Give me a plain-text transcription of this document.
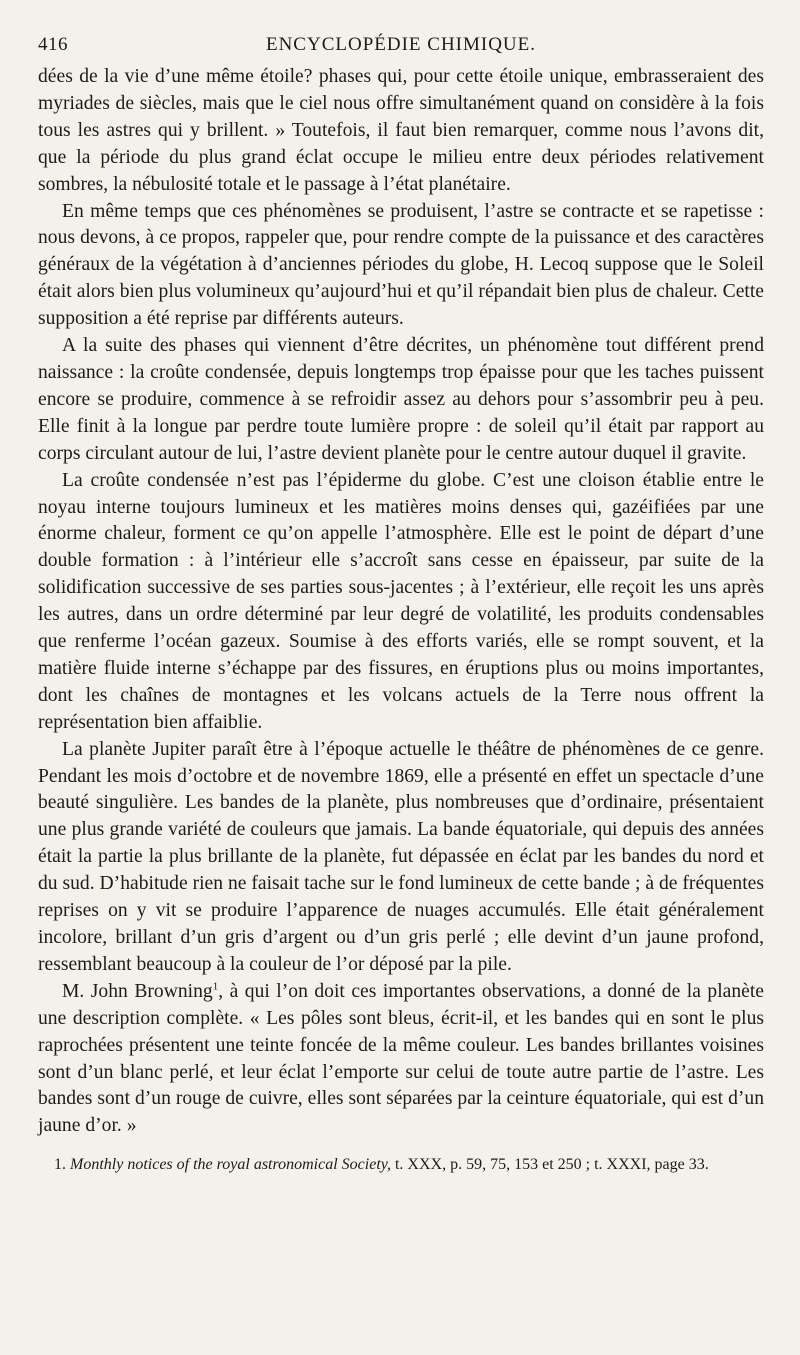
416	ENCYCLOPÉDIE CHIMIQUE.

dées de la vie d’une même étoile? phases qui, pour cette étoile unique, embrasseraient des myriades de siècles, mais que le ciel nous offre simultanément quand on considère à la fois tous les astres qui y brillent. » Toutefois, il faut bien remarquer, comme nous l’avons dit, que la période du plus grand éclat occupe le milieu entre deux périodes relativement sombres, la nébulosité totale et le passage à l’état planétaire.

En même temps que ces phénomènes se produisent, l’astre se contracte et se rapetisse : nous devons, à ce propos, rappeler que, pour rendre compte de la puissance et des caractères généraux de la végétation à d’anciennes périodes du globe, H. Lecoq suppose que le Soleil était alors bien plus volumineux qu’aujourd’hui et qu’il répandait bien plus de chaleur. Cette supposition a été reprise par différents auteurs.

A la suite des phases qui viennent d’être décrites, un phénomène tout différent prend naissance : la croûte condensée, depuis longtemps trop épaisse pour que les taches puissent encore se produire, commence à se refroidir assez au dehors pour s’assombrir peu à peu. Elle finit à la longue par perdre toute lumière propre : de soleil qu’il était par rapport au corps circulant autour de lui, l’astre devient planète pour le centre autour duquel il gravite.

La croûte condensée n’est pas l’épiderme du globe. C’est une cloison établie entre le noyau interne toujours lumineux et les matières moins denses qui, gazéifiées par une énorme chaleur, forment ce qu’on appelle l’atmosphère. Elle est le point de départ d’une double formation : à l’intérieur elle s’accroît sans cesse en épaisseur, par suite de la solidification successive de ses parties sous-jacentes ; à l’extérieur, elle reçoit les uns après les autres, dans un ordre déterminé par leur degré de volatilité, les produits condensables que renferme l’océan gazeux. Soumise à des efforts variés, elle se rompt souvent, et la matière fluide interne s’échappe par des fissures, en éruptions plus ou moins importantes, dont les chaînes de montagnes et les volcans actuels de la Terre nous offrent la représentation bien affaiblie.

La planète Jupiter paraît être à l’époque actuelle le théâtre de phénomènes de ce genre. Pendant les mois d’octobre et de novembre 1869, elle a présenté en effet un spectacle d’une beauté singulière. Les bandes de la planète, plus nombreuses que d’ordinaire, présentaient une plus grande variété de couleurs que jamais. La bande équatoriale, qui depuis des années était la partie la plus brillante de la planète, fut dépassée en éclat par les bandes du nord et du sud. D’habitude rien ne faisait tache sur le fond lumineux de cette bande ; à de fréquentes reprises on y vit se produire l’apparence de nuages accumulés. Elle était généralement incolore, brillant d’un gris d’argent ou d’un gris perlé ; elle devint d’un jaune profond, ressemblant beaucoup à la couleur de l’or déposé par la pile.

M. John Browning$^1$, à qui l’on doit ces importantes observations, a donné de la planète une description complète. « Les pôles sont bleus, écrit-il, et les bandes qui en sont le plus raprochées présentent une teinte foncée de la même couleur. Les bandes brillantes voisines sont d’un blanc perlé, et leur éclat l’emporte sur celui de toute autre partie de l’astre. Les bandes sont d’un rouge de cuivre, elles sont séparées par la ceinture équatoriale, qui est d’un jaune d’or. »

1. Monthly notices of the royal astronomical Society, t. XXX, p. 59, 75, 153 et 250 ; t. XXXI, page 33.
